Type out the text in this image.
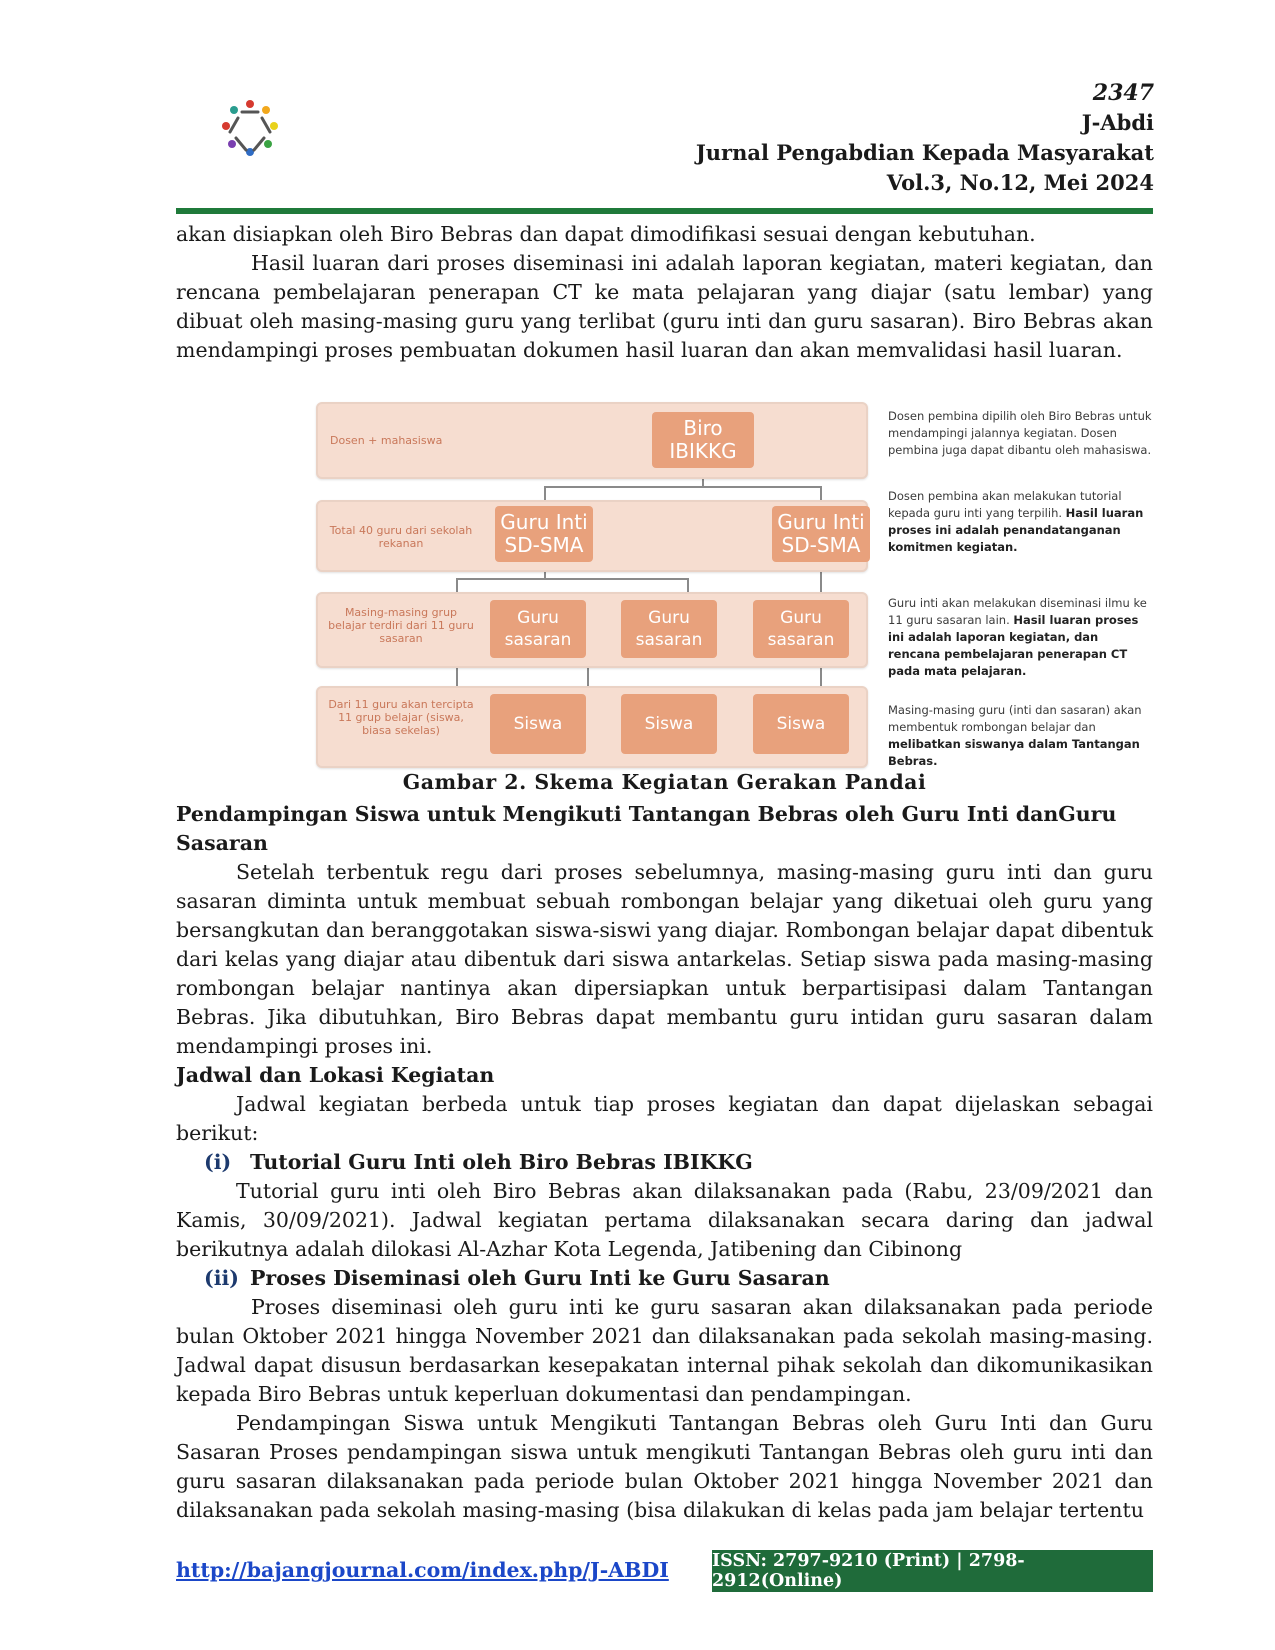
2347
J-Abdi
Jurnal Pengabdian Kepada Masyarakat
Vol.3, No.12, Mei 2024

akan disiapkan oleh Biro Bebras dan dapat dimodifikasi sesuai dengan kebutuhan.

Hasil luaran dari proses diseminasi ini adalah laporan kegiatan, materi kegiatan, dan rencana pembelajaran penerapan CT ke mata pelajaran yang diajar (satu lembar) yang dibuat oleh masing-masing guru yang terlibat (guru inti dan guru sasaran). Biro Bebras akan mendampingi proses pembuatan dokumen hasil luaran dan akan memvalidasi hasil luaran.

Dosen + mahasiswa
Biro
IBIKKG
Total 40 guru dari sekolah rekanan
Guru Inti
SD-SMA
Guru Inti
SD-SMA
Masing-masing grup belajar terdiri dari 11 guru sasaran
Guru
sasaran
Guru
sasaran
Guru
sasaran
Dari 11 guru akan tercipta 11 grup belajar (siswa, biasa sekelas)	Siswa	Siswa	Siswa
Dosen pembina dipilih oleh Biro Bebras untuk mendampingi jalannya kegiatan. Dosen pembina juga dapat dibantu oleh mahasiswa.
Dosen pembina akan melakukan tutorial kepada guru inti yang terpilih. Hasil luaran proses ini adalah penandatanganan komitmen kegiatan.
Guru inti akan melakukan diseminasi ilmu ke 11 guru sasaran lain. Hasil luaran proses ini adalah laporan kegiatan, dan rencana pembelajaran penerapan CT pada mata pelajaran.
Masing-masing guru (inti dan sasaran) akan membentuk rombongan belajar dan melibatkan siswanya dalam Tantangan Bebras.
Gambar 2. Skema Kegiatan Gerakan Pandai

Pendampingan Siswa untuk Mengikuti Tantangan Bebras oleh Guru Inti danGuru Sasaran

Setelah terbentuk regu dari proses sebelumnya, masing-masing guru inti dan guru sasaran diminta untuk membuat sebuah rombongan belajar yang diketuai oleh guru yang bersangkutan dan beranggotakan siswa-siswi yang diajar. Rombongan belajar dapat dibentuk dari kelas yang diajar atau dibentuk dari siswa antarkelas. Setiap siswa pada masing-masing rombongan belajar nantinya akan dipersiapkan untuk berpartisipasi dalam Tantangan Bebras. Jika dibutuhkan, Biro Bebras dapat membantu guru intidan guru sasaran dalam mendampingi proses ini.

Jadwal dan Lokasi Kegiatan

Jadwal kegiatan berbeda untuk tiap proses kegiatan dan dapat dijelaskan sebagai berikut:

(i) Tutorial Guru Inti oleh Biro Bebras IBIKKG

Tutorial guru inti oleh Biro Bebras akan dilaksanakan pada (Rabu, 23/09/2021 dan Kamis, 30/09/2021). Jadwal kegiatan pertama dilaksanakan secara daring dan jadwal berikutnya adalah dilokasi Al-Azhar Kota Legenda, Jatibening dan Cibinong

(ii) Proses Diseminasi oleh Guru Inti ke Guru Sasaran

Proses diseminasi oleh guru inti ke guru sasaran akan dilaksanakan pada periode bulan Oktober 2021 hingga November 2021 dan dilaksanakan pada sekolah masing-masing. Jadwal dapat disusun berdasarkan kesepakatan internal pihak sekolah dan dikomunikasikan kepada Biro Bebras untuk keperluan dokumentasi dan pendampingan.

Pendampingan Siswa untuk Mengikuti Tantangan Bebras oleh Guru Inti dan Guru Sasaran Proses pendampingan siswa untuk mengikuti Tantangan Bebras oleh guru inti dan guru sasaran dilaksanakan pada periode bulan Oktober 2021 hingga November 2021 dan dilaksanakan pada sekolah masing-masing (bisa dilakukan di kelas pada jam belajar tertentu

http://bajangjournal.com/index.php/J-ABDI ISSN: 2797-9210 (Print) | 2798-2912(Online)
